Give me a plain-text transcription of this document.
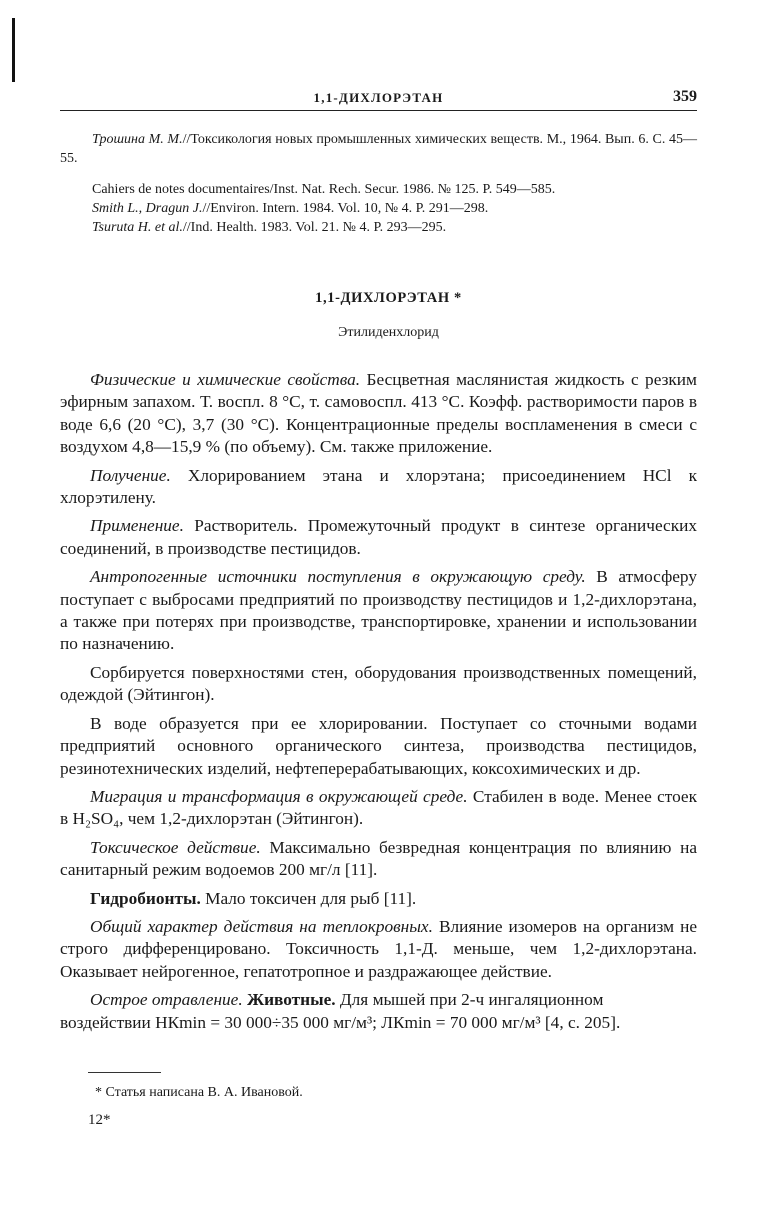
1,1-ДИХЛОРЭТАН	359

Трошина М. М.//Токсикология новых промышленных химических веществ. М., 1964. Вып. 6. С. 45—55.

Cahiers de notes documentaires/Inst. Nat. Rech. Secur. 1986. № 125. P. 549—585.

Smith L., Dragun J.//Environ. Intern. 1984. Vol. 10, № 4. P. 291—298.

Tsuruta H. et al.//Ind. Health. 1983. Vol. 21. № 4. P. 293—295.

1,1-ДИХЛОРЭТАН *
Этилиденхлорид

Физические и химические свойства. Бесцветная маслянистая жидкость с резким эфирным запахом. Т. воспл. 8 °С, т. самовоспл. 413 °С. Коэфф. растворимости паров в воде 6,6 (20 °С), 3,7 (30 °С). Концентрационные пределы воспламенения в смеси с воздухом 4,8—15,9 % (по объему). См. также приложение.

Получение. Хлорированием этана и хлорэтана; присоединением HCl к хлорэтилену.

Применение. Растворитель. Промежуточный продукт в синтезе органических соединений, в производстве пестицидов.

Антропогенные источники поступления в окружающую среду. В атмосферу поступает с выбросами предприятий по производству пестицидов и 1,2-дихлорэтана, а также при потерях при производстве, транспортировке, хранении и использовании по назначению.

Сорбируется поверхностями стен, оборудования производственных помещений, одеждой (Эйтингон).

В воде образуется при ее хлорировании. Поступает со сточными водами предприятий основного органического синтеза, производства пестицидов, резинотехнических изделий, нефтеперерабатывающих, коксохимических и др.

Миграция и трансформация в окружающей среде. Стабилен в воде. Менее стоек в H₂SO₄, чем 1,2-дихлорэтан (Эйтингон).

Токсическое действие. Максимально безвредная концентрация по влиянию на санитарный режим водоемов 200 мг/л [11].

Гидробионты. Мало токсичен для рыб [11].

Общий характер действия на теплокровных. Влияние изомеров на организм не строго дифференцировано. Токсичность 1,1-Д. меньше, чем 1,2-дихлорэтана. Оказывает нейрогенное, гепатотропное и раздражающее действие.

Острое отравление. Животные. Для мышей при 2-ч ингаляционном воздействии НКmin = 30 000÷35 000 мг/м³; ЛКmin = 70 000 мг/м³ [4, с. 205].

* Статья написана В. А. Ивановой.
12*
